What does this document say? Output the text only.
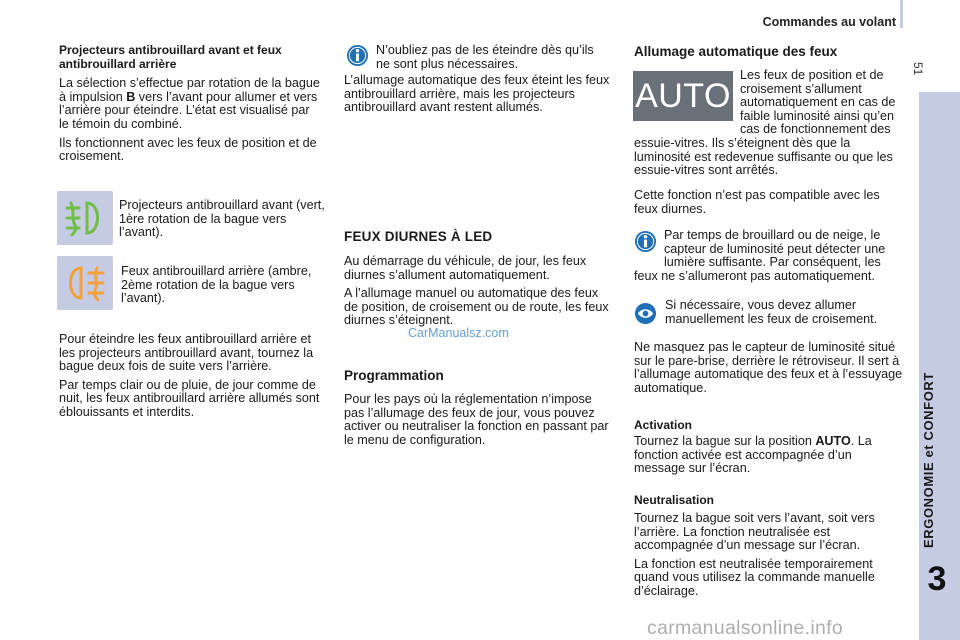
Commandes au volant
51
3

Projecteurs antibrouillard avant et feux antibrouillard arrière

La sélection s’effectue par rotation de la bague à impulsion B vers l’avant pour allumer et vers l’arrière pour éteindre. L’état est visualisé par le témoin du combiné.

Ils fonctionnent avec les feux de position et de croisement.

Projecteurs antibrouillard avant (vert, 1ère rotation de la bague vers l’avant).
Feux antibrouillard arrière (ambre, 2ème rotation de la bague vers l’avant).

Pour éteindre les feux antibrouillard arrière et les projecteurs antibrouillard avant, tournez la bague deux fois de suite vers l’arrière.

Par temps clair ou de pluie, de jour comme de nuit, les feux antibrouillard arrière allumés sont éblouissants et interdits.

N’oubliez pas de les éteindre dès qu’ils ne sont plus nécessaires.
L’allumage automatique des feux éteint les feux antibrouillard arrière, mais les projecteurs antibrouillard avant restent allumés.
FEUX DIURNES À LED

Au démarrage du véhicule, de jour, les feux diurnes s’allument automatiquement.

A l’allumage manuel ou automatique des feux de position, de croisement ou de route, les feux diurnes s’éteignent.

CarManualsz.com
Programmation
Pour les pays où la réglementation n’impose pas l’allumage des feux de jour, vous pouvez activer ou neutraliser la fonction en passant par le menu de configuration.
Allumage automatique des feux
AUTO
Les feux de position et de croisement s’allument automatiquement en cas de faible luminosité ainsi qu’en cas de fonctionnement des essuie-vitres. Ils s’éteignent dès que la luminosité est redevenue suffisante ou que les essuie-vitres sont arrêtés.
Cette fonction n’est pas compatible avec les feux diurnes.
Par temps de brouillard ou de neige, le capteur de luminosité peut détecter une lumière suffisante. Par conséquent, les feux ne s’allumeront pas automatiquement.
Si nécessaire, vous devez allumer manuellement les feux de croisement.
Ne masquez pas le capteur de luminosité situé sur le pare-brise, derrière le rétroviseur. Il sert à l’allumage automatique des feux et à l’essuyage automatique.
Activation
Tournez la bague sur la position AUTO. La fonction activée est accompagnée d’un message sur l’écran.
Neutralisation

Tournez la bague soit vers l’avant, soit vers l’arrière. La fonction neutralisée est accompagnée d’un message sur l’écran.

La fonction est neutralisée temporairement quand vous utilisez la commande manuelle d’éclairage.

carmanualsonline.info
